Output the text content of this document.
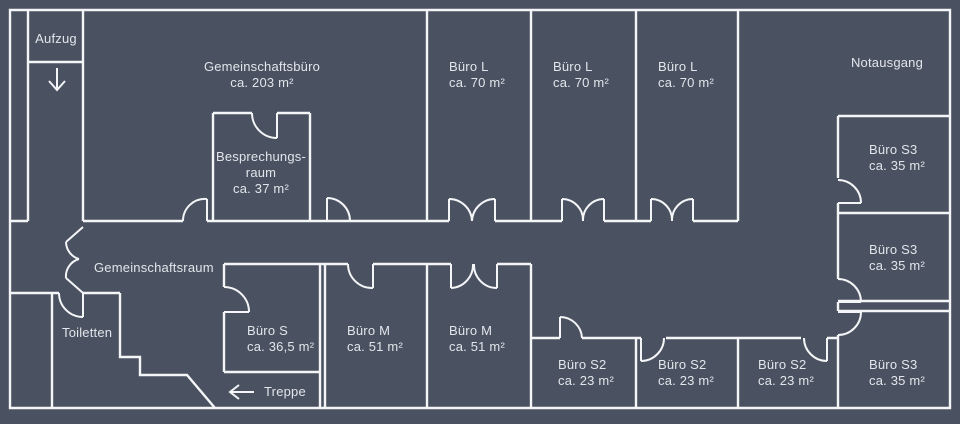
Aufzug
Gemeinschaftsbüro
ca. 203 m²
Büro L
ca. 70 m²
Büro L
ca. 70 m²
Büro L
ca. 70 m²
Notausgang
Besprechungs-
raum
ca. 37 m²
Büro S3
ca. 35 m²
Büro S3
ca. 35 m²
Büro S3
ca. 35 m²
Gemeinschaftsraum
Toiletten	Büro S
ca. 36,5 m²
Büro M
ca. 51 m²
Büro M
ca. 51 m²
Büro S2
ca. 23 m²
Büro S2
ca. 23 m²
Büro S2
ca. 23 m²
Treppe
